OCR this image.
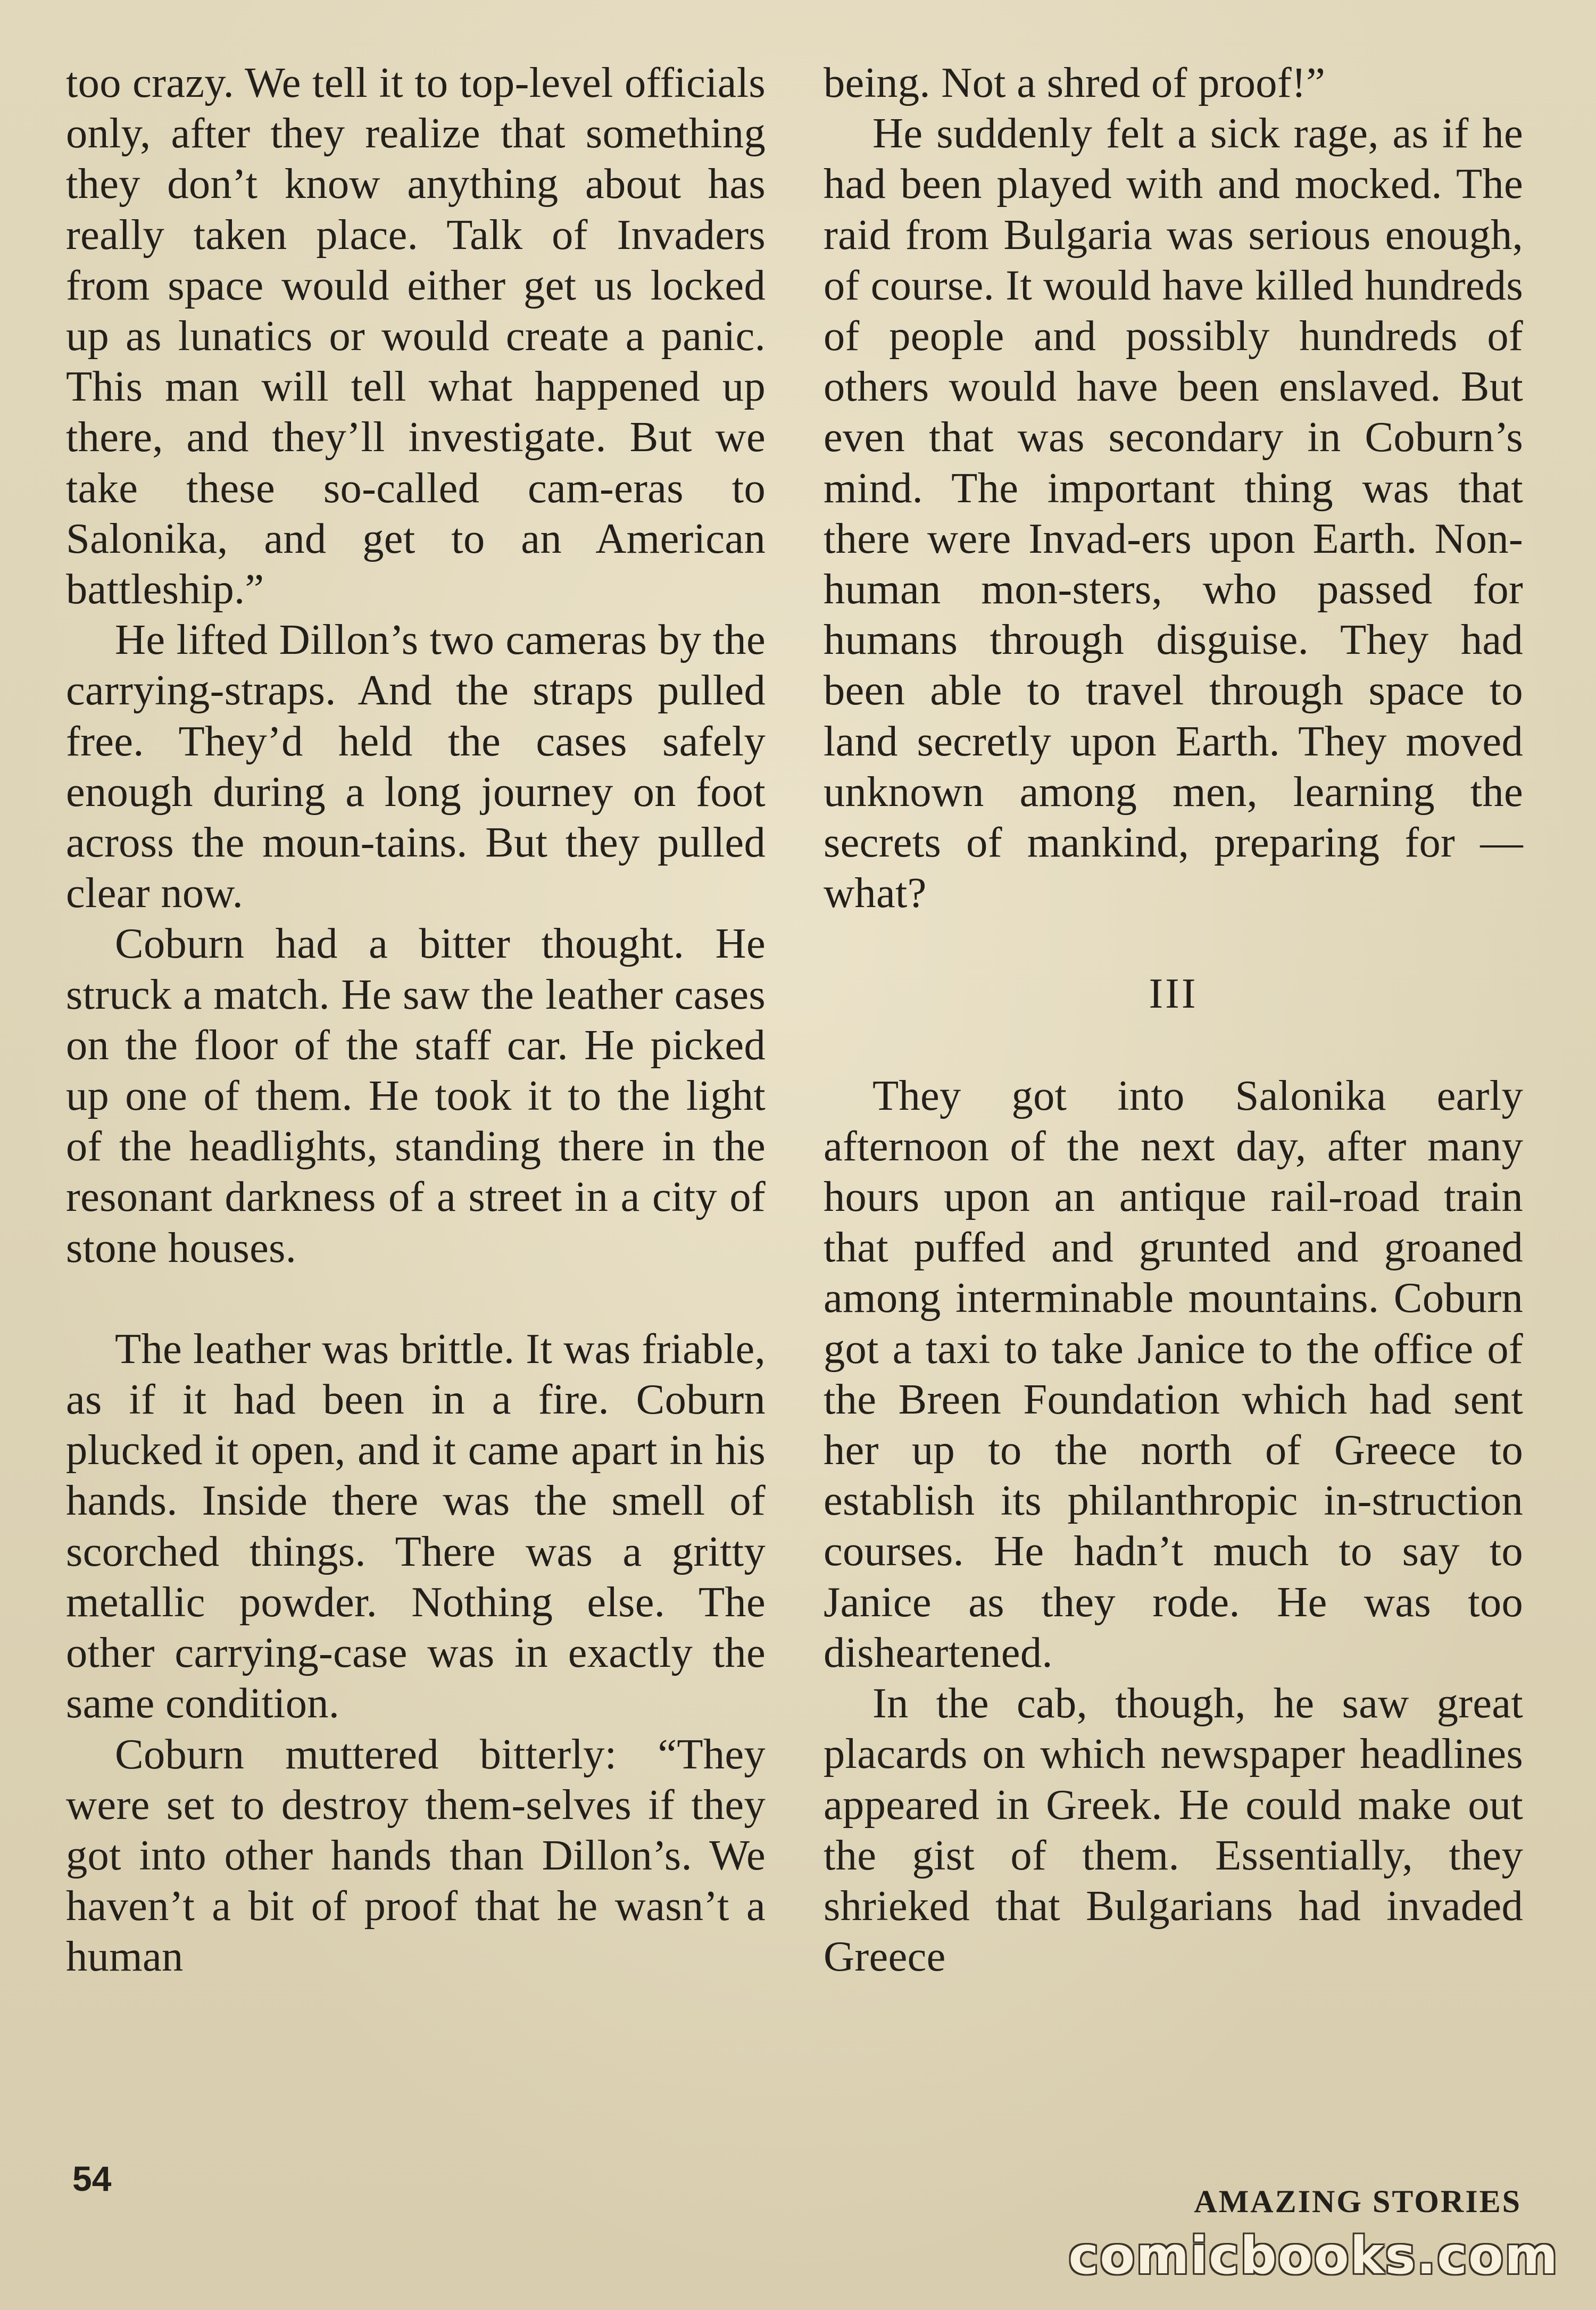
too crazy. We tell it to top-level officials only, after they realize that something they don’t know anything about has really taken place. Talk of Invaders from space would either get us locked up as lunatics or would create a panic. This man will tell what happened up there, and they’ll investigate. But we take these so-called cam-eras to Salonika, and get to an American battleship.”

He lifted Dillon’s two cameras by the carrying-straps. And the straps pulled free. They’d held the cases safely enough during a long journey on foot across the moun-tains. But they pulled clear now.

Coburn had a bitter thought. He struck a match. He saw the leather cases on the floor of the staff car. He picked up one of them. He took it to the light of the headlights, standing there in the resonant darkness of a street in a city of stone houses.

The leather was brittle. It was friable, as if it had been in a fire. Coburn plucked it open, and it came apart in his hands. Inside there was the smell of scorched things. There was a gritty metallic powder. Nothing else. The other carrying-case was in exactly the same condition.

Coburn muttered bitterly: “They were set to destroy them-selves if they got into other hands than Dillon’s. We haven’t a bit of proof that he wasn’t a human

being. Not a shred of proof!”

He suddenly felt a sick rage, as if he had been played with and mocked. The raid from Bulgaria was serious enough, of course. It would have killed hundreds of people and possibly hundreds of others would have been enslaved. But even that was secondary in Coburn’s mind. The important thing was that there were Invad-ers upon Earth. Non-human mon-sters, who passed for humans through disguise. They had been able to travel through space to land secretly upon Earth. They moved unknown among men, learning the secrets of mankind, preparing for — what?

III

They got into Salonika early afternoon of the next day, after many hours upon an antique rail-road train that puffed and grunted and groaned among interminable mountains. Coburn got a taxi to take Janice to the office of the Breen Foundation which had sent her up to the north of Greece to establish its philanthropic in-struction courses. He hadn’t much to say to Janice as they rode. He was too disheartened.

In the cab, though, he saw great placards on which newspaper headlines appeared in Greek. He could make out the gist of them. Essentially, they shrieked that Bulgarians had invaded Greece

54
AMAZING STORIES
comicbooks.com
